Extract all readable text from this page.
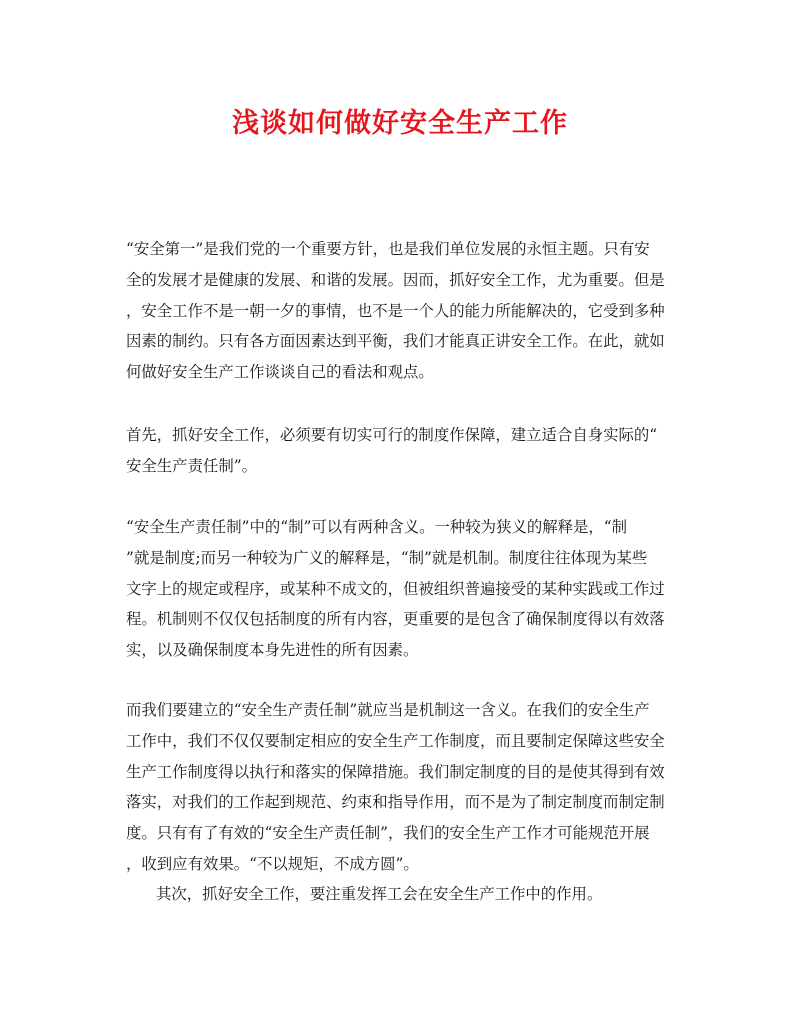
浅谈如何做好安全生产工作
“安全第一”是我们党的一个重要方针，也是我们单位发展的永恒主题。只有安
全的发展才是健康的发展、和谐的发展。因而，抓好安全工作，尤为重要。但是
，安全工作不是一朝一夕的事情，也不是一个人的能力所能解决的，它受到多种
因素的制约。只有各方面因素达到平衡，我们才能真正讲安全工作。在此，就如
何做好安全生产工作谈谈自己的看法和观点。
首先，抓好安全工作，必须要有切实可行的制度作保障，建立适合自身实际的“
安全生产责任制”。
“安全生产责任制”中的“制”可以有两种含义。一种较为狭义的解释是，“制
”就是制度;而另一种较为广义的解释是，“制”就是机制。制度往往体现为某些
文字上的规定或程序，或某种不成文的，但被组织普遍接受的某种实践或工作过
程。机制则不仅仅包括制度的所有内容，更重要的是包含了确保制度得以有效落
实，以及确保制度本身先进性的所有因素。
而我们要建立的“安全生产责任制”就应当是机制这一含义。在我们的安全生产
工作中，我们不仅仅要制定相应的安全生产工作制度，而且要制定保障这些安全
生产工作制度得以执行和落实的保障措施。我们制定制度的目的是使其得到有效
落实，对我们的工作起到规范、约束和指导作用，而不是为了制定制度而制定制
度。只有有了有效的“安全生产责任制”，我们的安全生产工作才可能规范开展
，收到应有效果。“不以规矩，不成方圆”。
其次，抓好安全工作，要注重发挥工会在安全生产工作中的作用。
